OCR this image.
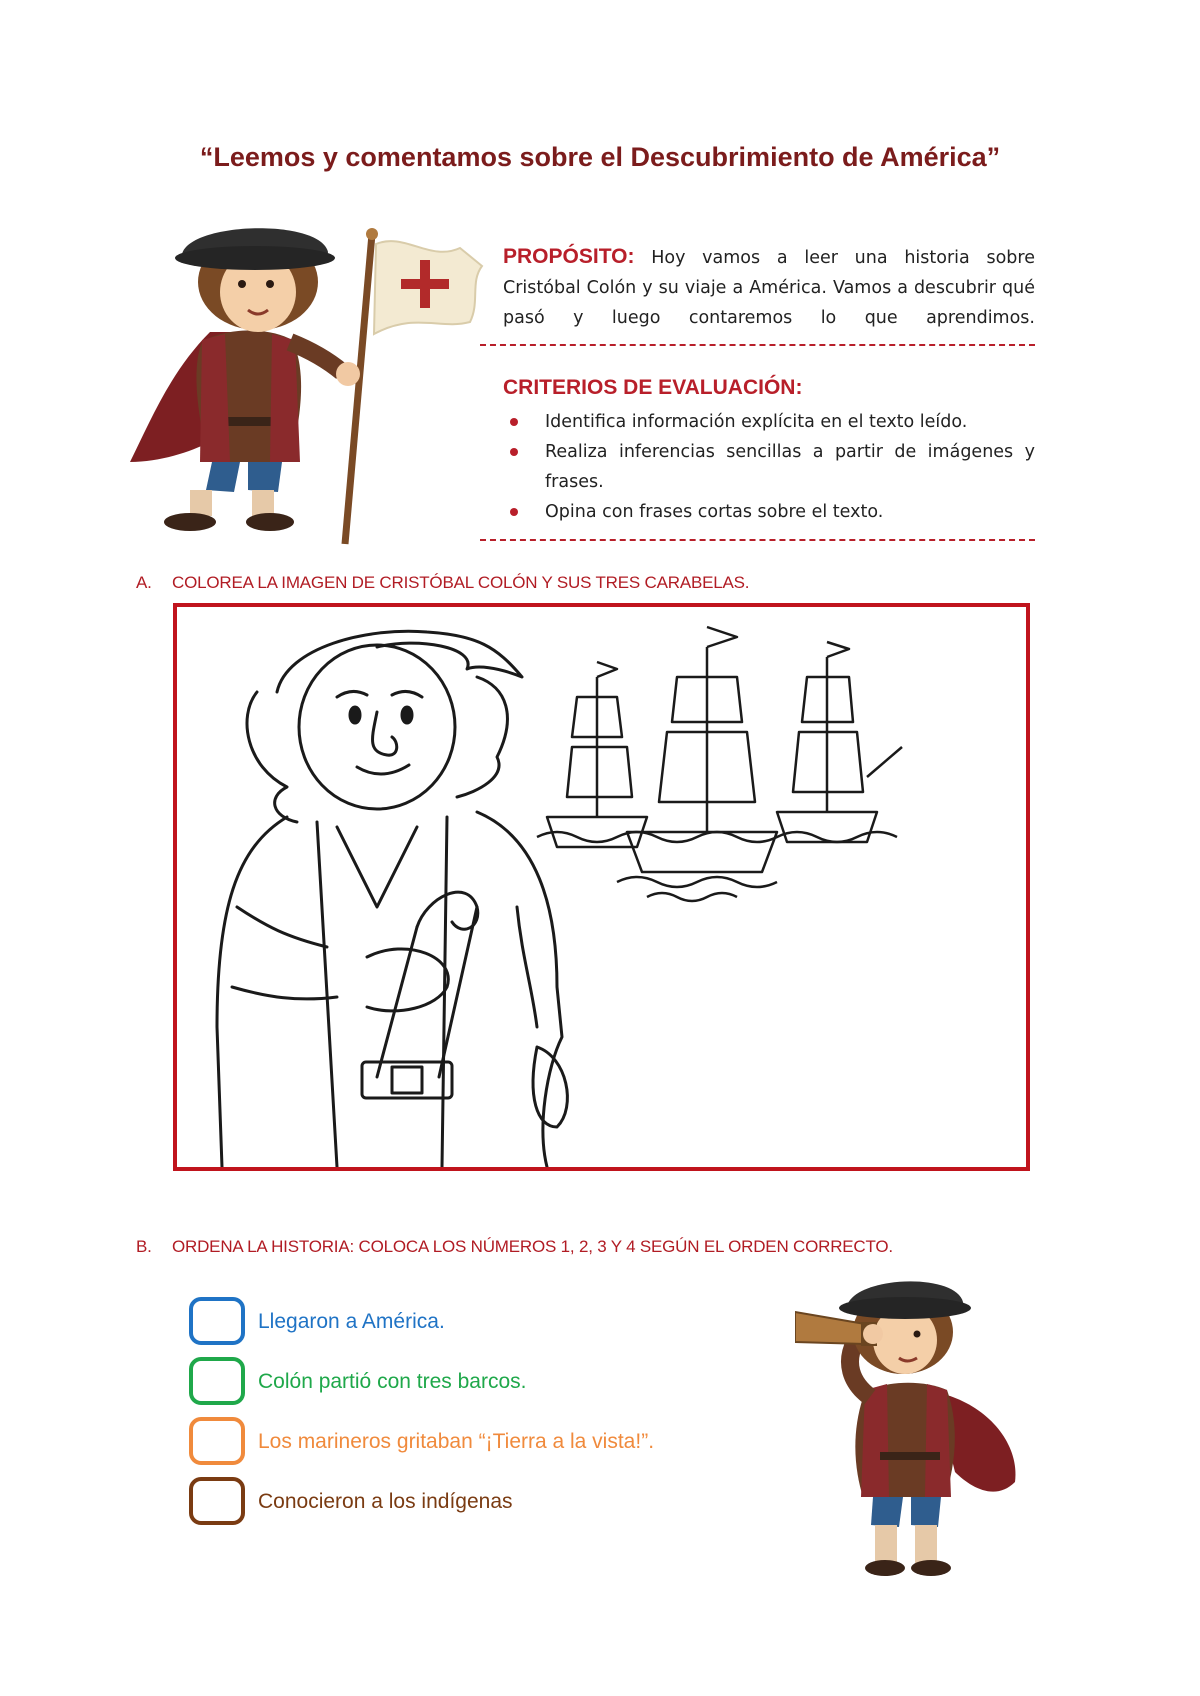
“Leemos y comentamos sobre el Descubrimiento de América”
PROPÓSITO: Hoy vamos a leer una historia sobre Cristóbal Colón y su viaje a América. Vamos a descubrir qué pasó y luego contaremos lo que aprendimos.
CRITERIOS DE EVALUACIÓN:
Identifica información explícita en el texto leído.
Realiza inferencias sencillas a partir de imágenes y frases.
Opina con frases cortas sobre el texto.
A. COLOREA LA IMAGEN DE CRISTÓBAL COLÓN Y SUS TRES CARABELAS.
B. ORDENA LA HISTORIA: COLOCA LOS NÚMEROS 1, 2, 3 Y 4 SEGÚN EL ORDEN CORRECTO.
Llegaron a América.
Colón partió con tres barcos.
Los marineros gritaban “¡Tierra a la vista!”.
Conocieron a los indígenas
